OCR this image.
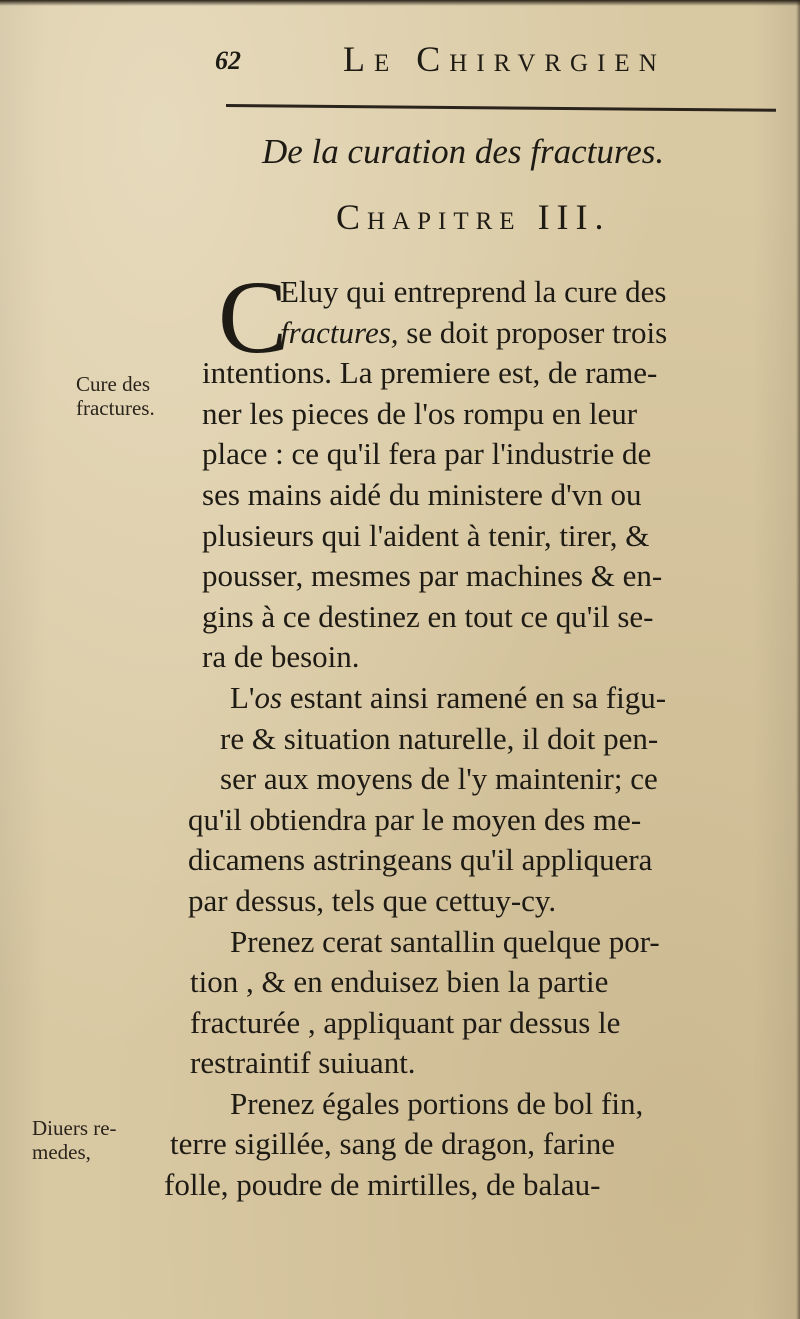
62	Le Chirvrgien
De la curation des fractures.
Chapitre III.
Cure des
fractures.
Diuers re-
medes,
C
Eluy qui entreprend la cure des
fractures, se doit proposer trois
intentions. La premiere est, de rame-
ner les pieces de l'os rompu en leur
place : ce qu'il fera par l'industrie de
ses mains aidé du ministere d'vn ou
plusieurs qui l'aident à tenir, tirer, &
pousser, mesmes par machines & en-
gins à ce destinez en tout ce qu'il se-
ra de besoin.
L'os estant ainsi ramené en sa figu-
re & situation naturelle, il doit pen-
ser aux moyens de l'y maintenir; ce
qu'il obtiendra par le moyen des me-
dicamens astringeans qu'il appliquera
par dessus, tels que cettuy-cy.
Prenez cerat santallin quelque por-
tion , & en enduisez bien la partie
fracturée , appliquant par dessus le
restraintif suiuant.
Prenez égales portions de bol fin,
terre sigillée, sang de dragon, farine
folle, poudre de mirtilles, de balau-
